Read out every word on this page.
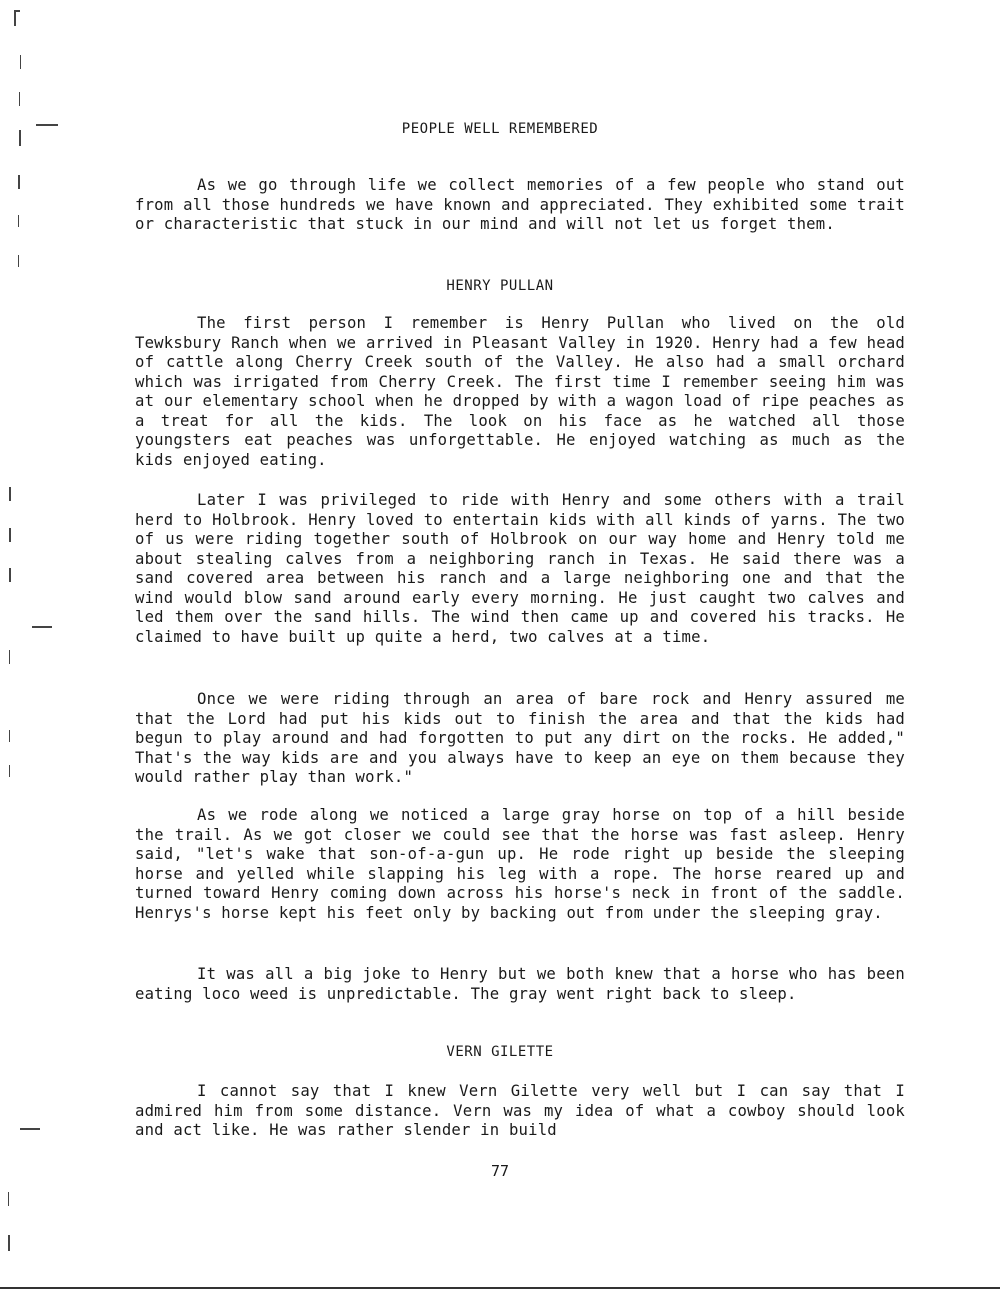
PEOPLE WELL REMEMBERED

As we go through life we collect memories of a few people who stand out from all those hundreds we have known and appreciated. They exhibited some trait or characteristic that stuck in our mind and will not let us forget them.

HENRY PULLAN

The first person I remember is Henry Pullan who lived on the old Tewksbury Ranch when we arrived in Pleasant Valley in 1920. Henry had a few head of cattle along Cherry Creek south of the Valley. He also had a small orchard which was irrigated from Cherry Creek. The first time I remember seeing him was at our elementary school when he dropped by with a wagon load of ripe peaches as a treat for all the kids. The look on his face as he watched all those youngsters eat peaches was unforgettable. He enjoyed watching as much as the kids enjoyed eating.

Later I was privileged to ride with Henry and some others with a trail herd to Holbrook. Henry loved to entertain kids with all kinds of yarns. The two of us were riding together south of Holbrook on our way home and Henry told me about stealing calves from a neighboring ranch in Texas. He said there was a sand covered area between his ranch and a large neighboring one and that the wind would blow sand around early every morning. He just caught two calves and led them over the sand hills. The wind then came up and covered his tracks. He claimed to have built up quite a herd, two calves at a time.

Once we were riding through an area of bare rock and Henry assured me that the Lord had put his kids out to finish the area and that the kids had begun to play around and had forgotten to put any dirt on the rocks. He added," That's the way kids are and you always have to keep an eye on them because they would rather play than work."

As we rode along we noticed a large gray horse on top of a hill beside the trail. As we got closer we could see that the horse was fast asleep. Henry said, "let's wake that son-of-a-gun up. He rode right up beside the sleeping horse and yelled while slapping his leg with a rope. The horse reared up and turned toward Henry coming down across his horse's neck in front of the saddle. Henrys's horse kept his feet only by backing out from under the sleeping gray.

It was all a big joke to Henry but we both knew that a horse who has been eating loco weed is unpredictable. The gray went right back to sleep.

VERN GILETTE

I cannot say that I knew Vern Gilette very well but I can say that I admired him from some distance. Vern was my idea of what a cowboy should look and act like. He was rather slender in build

77
